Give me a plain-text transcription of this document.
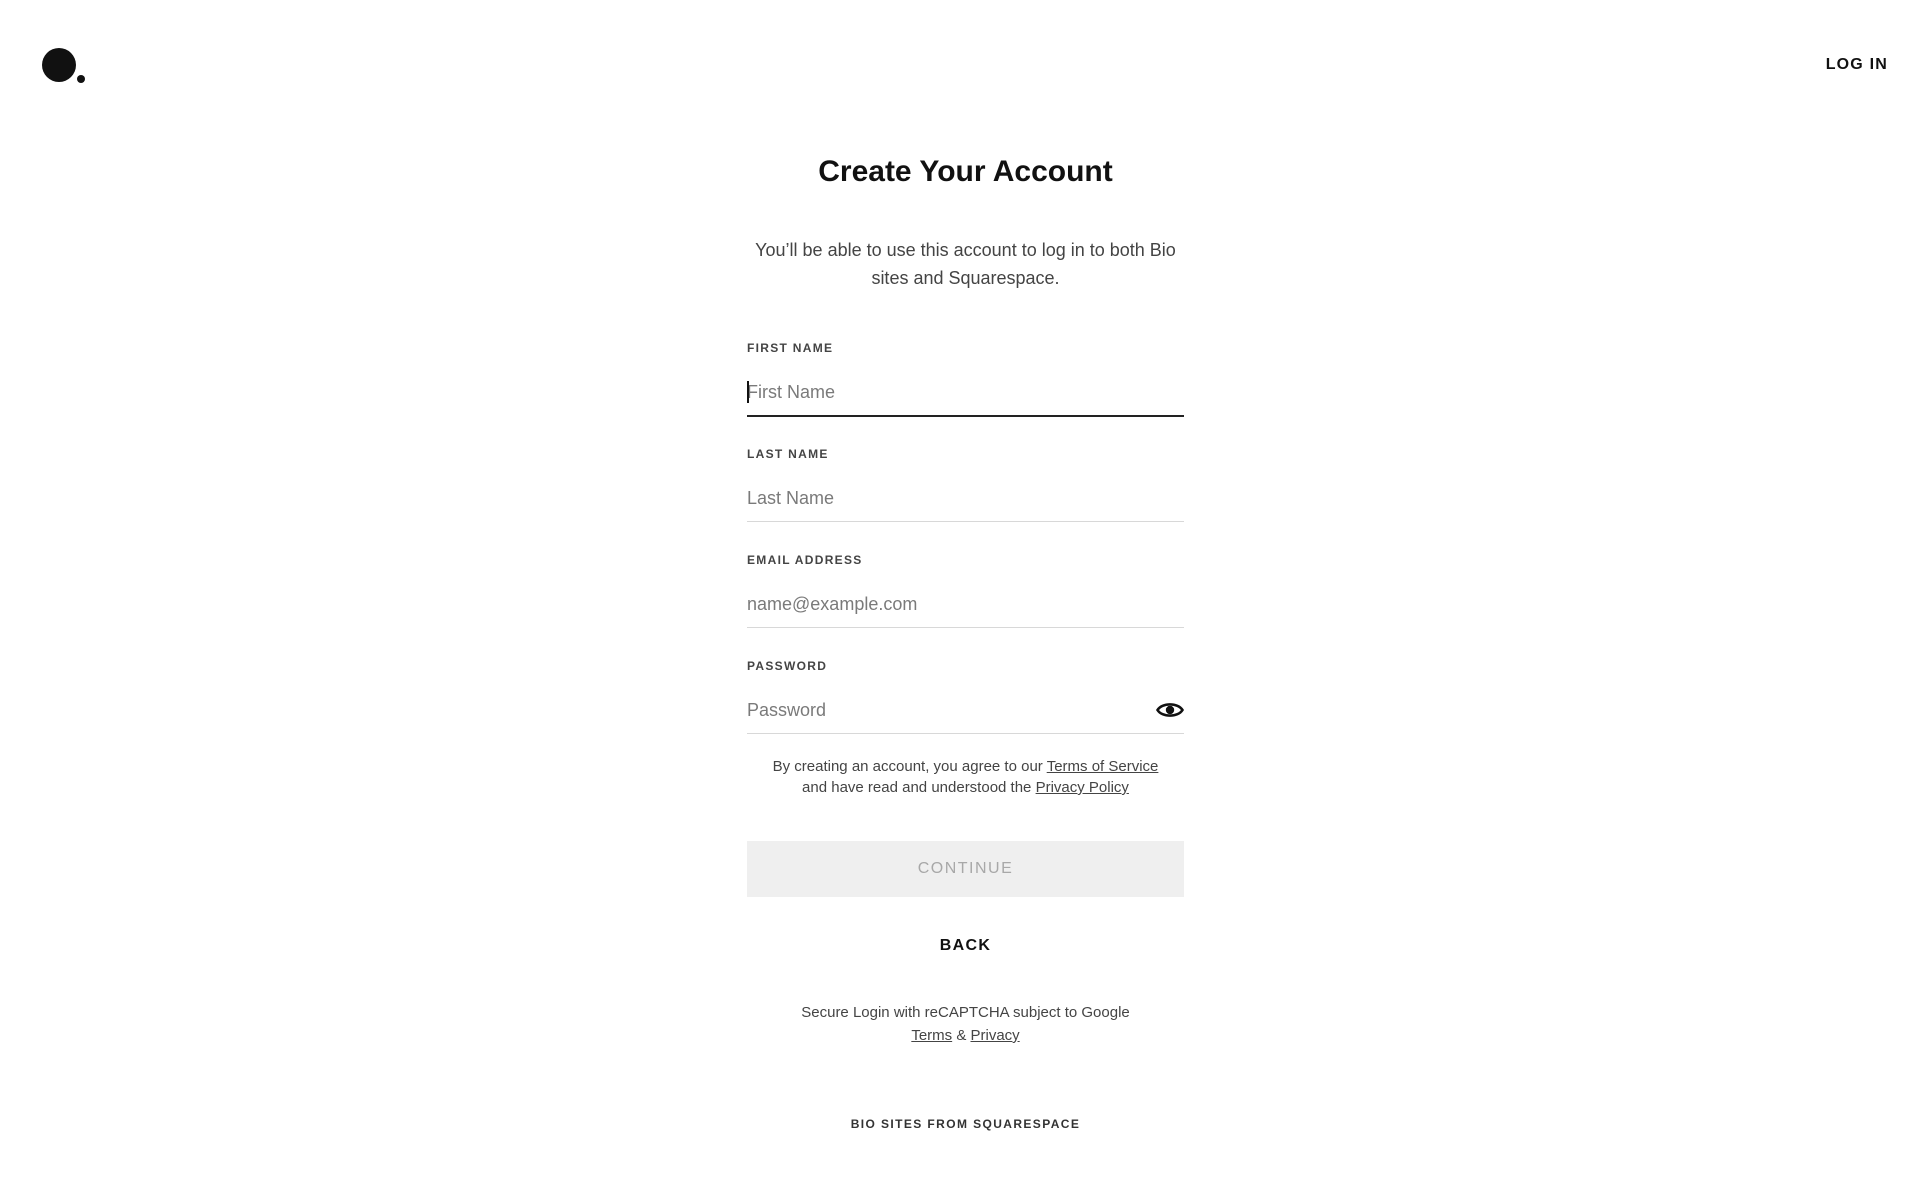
LOG IN
Create Your Account
You’ll be able to use this account to log in to both Bio sites and Squarespace.
FIRST NAME
First Name
LAST NAME
Last Name
EMAIL ADDRESS
name@example.com
PASSWORD
By creating an account, you agree to our Terms of Service
and have read and understood the Privacy Policy
CONTINUE
BACK
Secure Login with reCAPTCHA subject to Google
Terms & Privacy
BIO SITES FROM SQUARESPACE
